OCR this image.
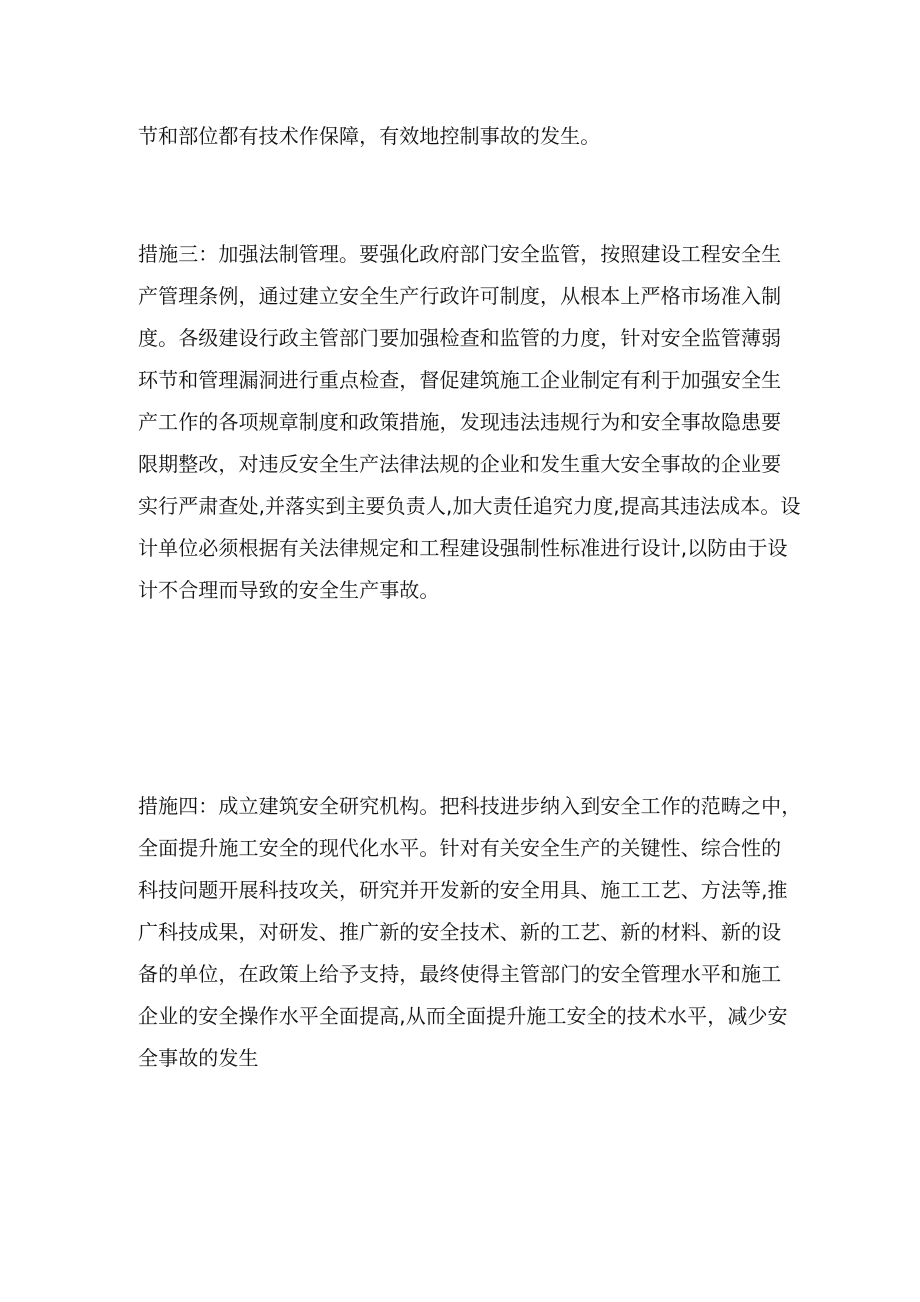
节和部位都有技术作保障，有效地控制事故的发生。
措施三：加强法制管理。要强化政府部门安全监管，按照建设工程安全生
产管理条例，通过建立安全生产行政许可制度，从根本上严格市场准入制
度。各级建设行政主管部门要加强检查和监管的力度，针对安全监管薄弱
环节和管理漏洞进行重点检查，督促建筑施工企业制定有利于加强安全生
产工作的各项规章制度和政策措施，发现违法违规行为和安全事故隐患要
限期整改，对违反安全生产法律法规的企业和发生重大安全事故的企业要
实行严肃查处,并落实到主要负责人,加大责任追究力度,提高其违法成本。设
计单位必须根据有关法律规定和工程建设强制性标准进行设计,以防由于设
计不合理而导致的安全生产事故。
措施四：成立建筑安全研究机构。把科技进步纳入到安全工作的范畴之中，
全面提升施工安全的现代化水平。针对有关安全生产的关键性、综合性的
科技问题开展科技攻关，研究并开发新的安全用具、施工工艺、方法等,推
广科技成果，对研发、推广新的安全技术、新的工艺、新的材料、新的设
备的单位，在政策上给予支持，最终使得主管部门的安全管理水平和施工
企业的安全操作水平全面提高,从而全面提升施工安全的技术水平，减少安
全事故的发生
